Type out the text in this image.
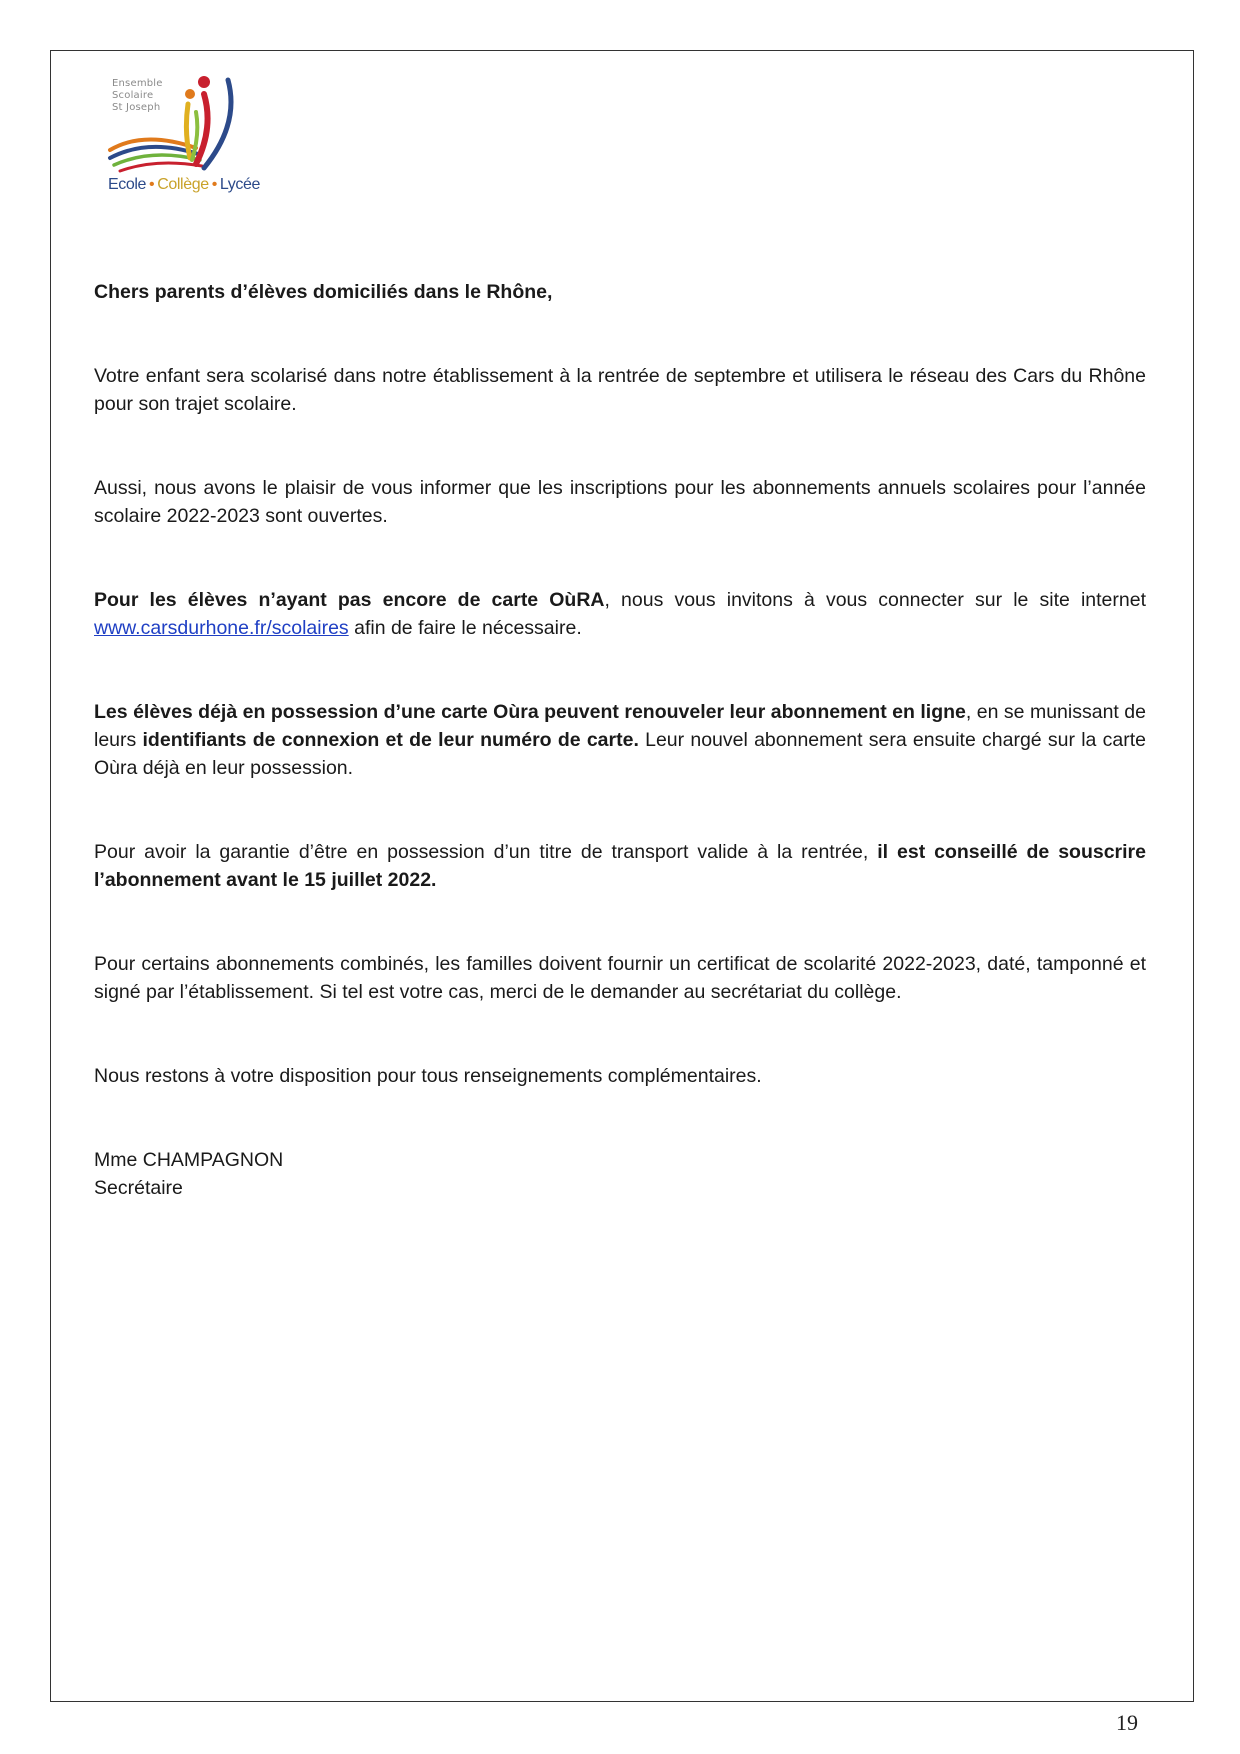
Ensemble
Scolaire
St Joseph
Ecole • Collège • Lycée

Chers parents d’élèves domiciliés dans le Rhône,

Votre enfant sera scolarisé dans notre établissement à la rentrée de septembre et utilisera le réseau des Cars du Rhône pour son trajet scolaire.

Aussi, nous avons le plaisir de vous informer que les inscriptions pour les abonnements annuels scolaires pour l’année scolaire 2022-2023 sont ouvertes.

Pour les élèves n’ayant pas encore de carte OùRA, nous vous invitons à vous connecter sur le site internet www.carsdurhone.fr/scolaires afin de faire le nécessaire.

Les élèves déjà en possession d’une carte Oùra peuvent renouveler leur abonnement en ligne, en se munissant de leurs identifiants de connexion et de leur numéro de carte. Leur nouvel abonnement sera ensuite chargé sur la carte Oùra déjà en leur possession.

Pour avoir la garantie d’être en possession d’un titre de transport valide à la rentrée, il est conseillé de souscrire l’abonnement avant le 15 juillet 2022.

Pour certains abonnements combinés, les familles doivent fournir un certificat de scolarité 2022-2023, daté, tamponné et signé par l’établissement. Si tel est votre cas, merci de le demander au secrétariat du collège.

Nous restons à votre disposition pour tous renseignements complémentaires.

Mme CHAMPAGNON

Secrétaire

19
